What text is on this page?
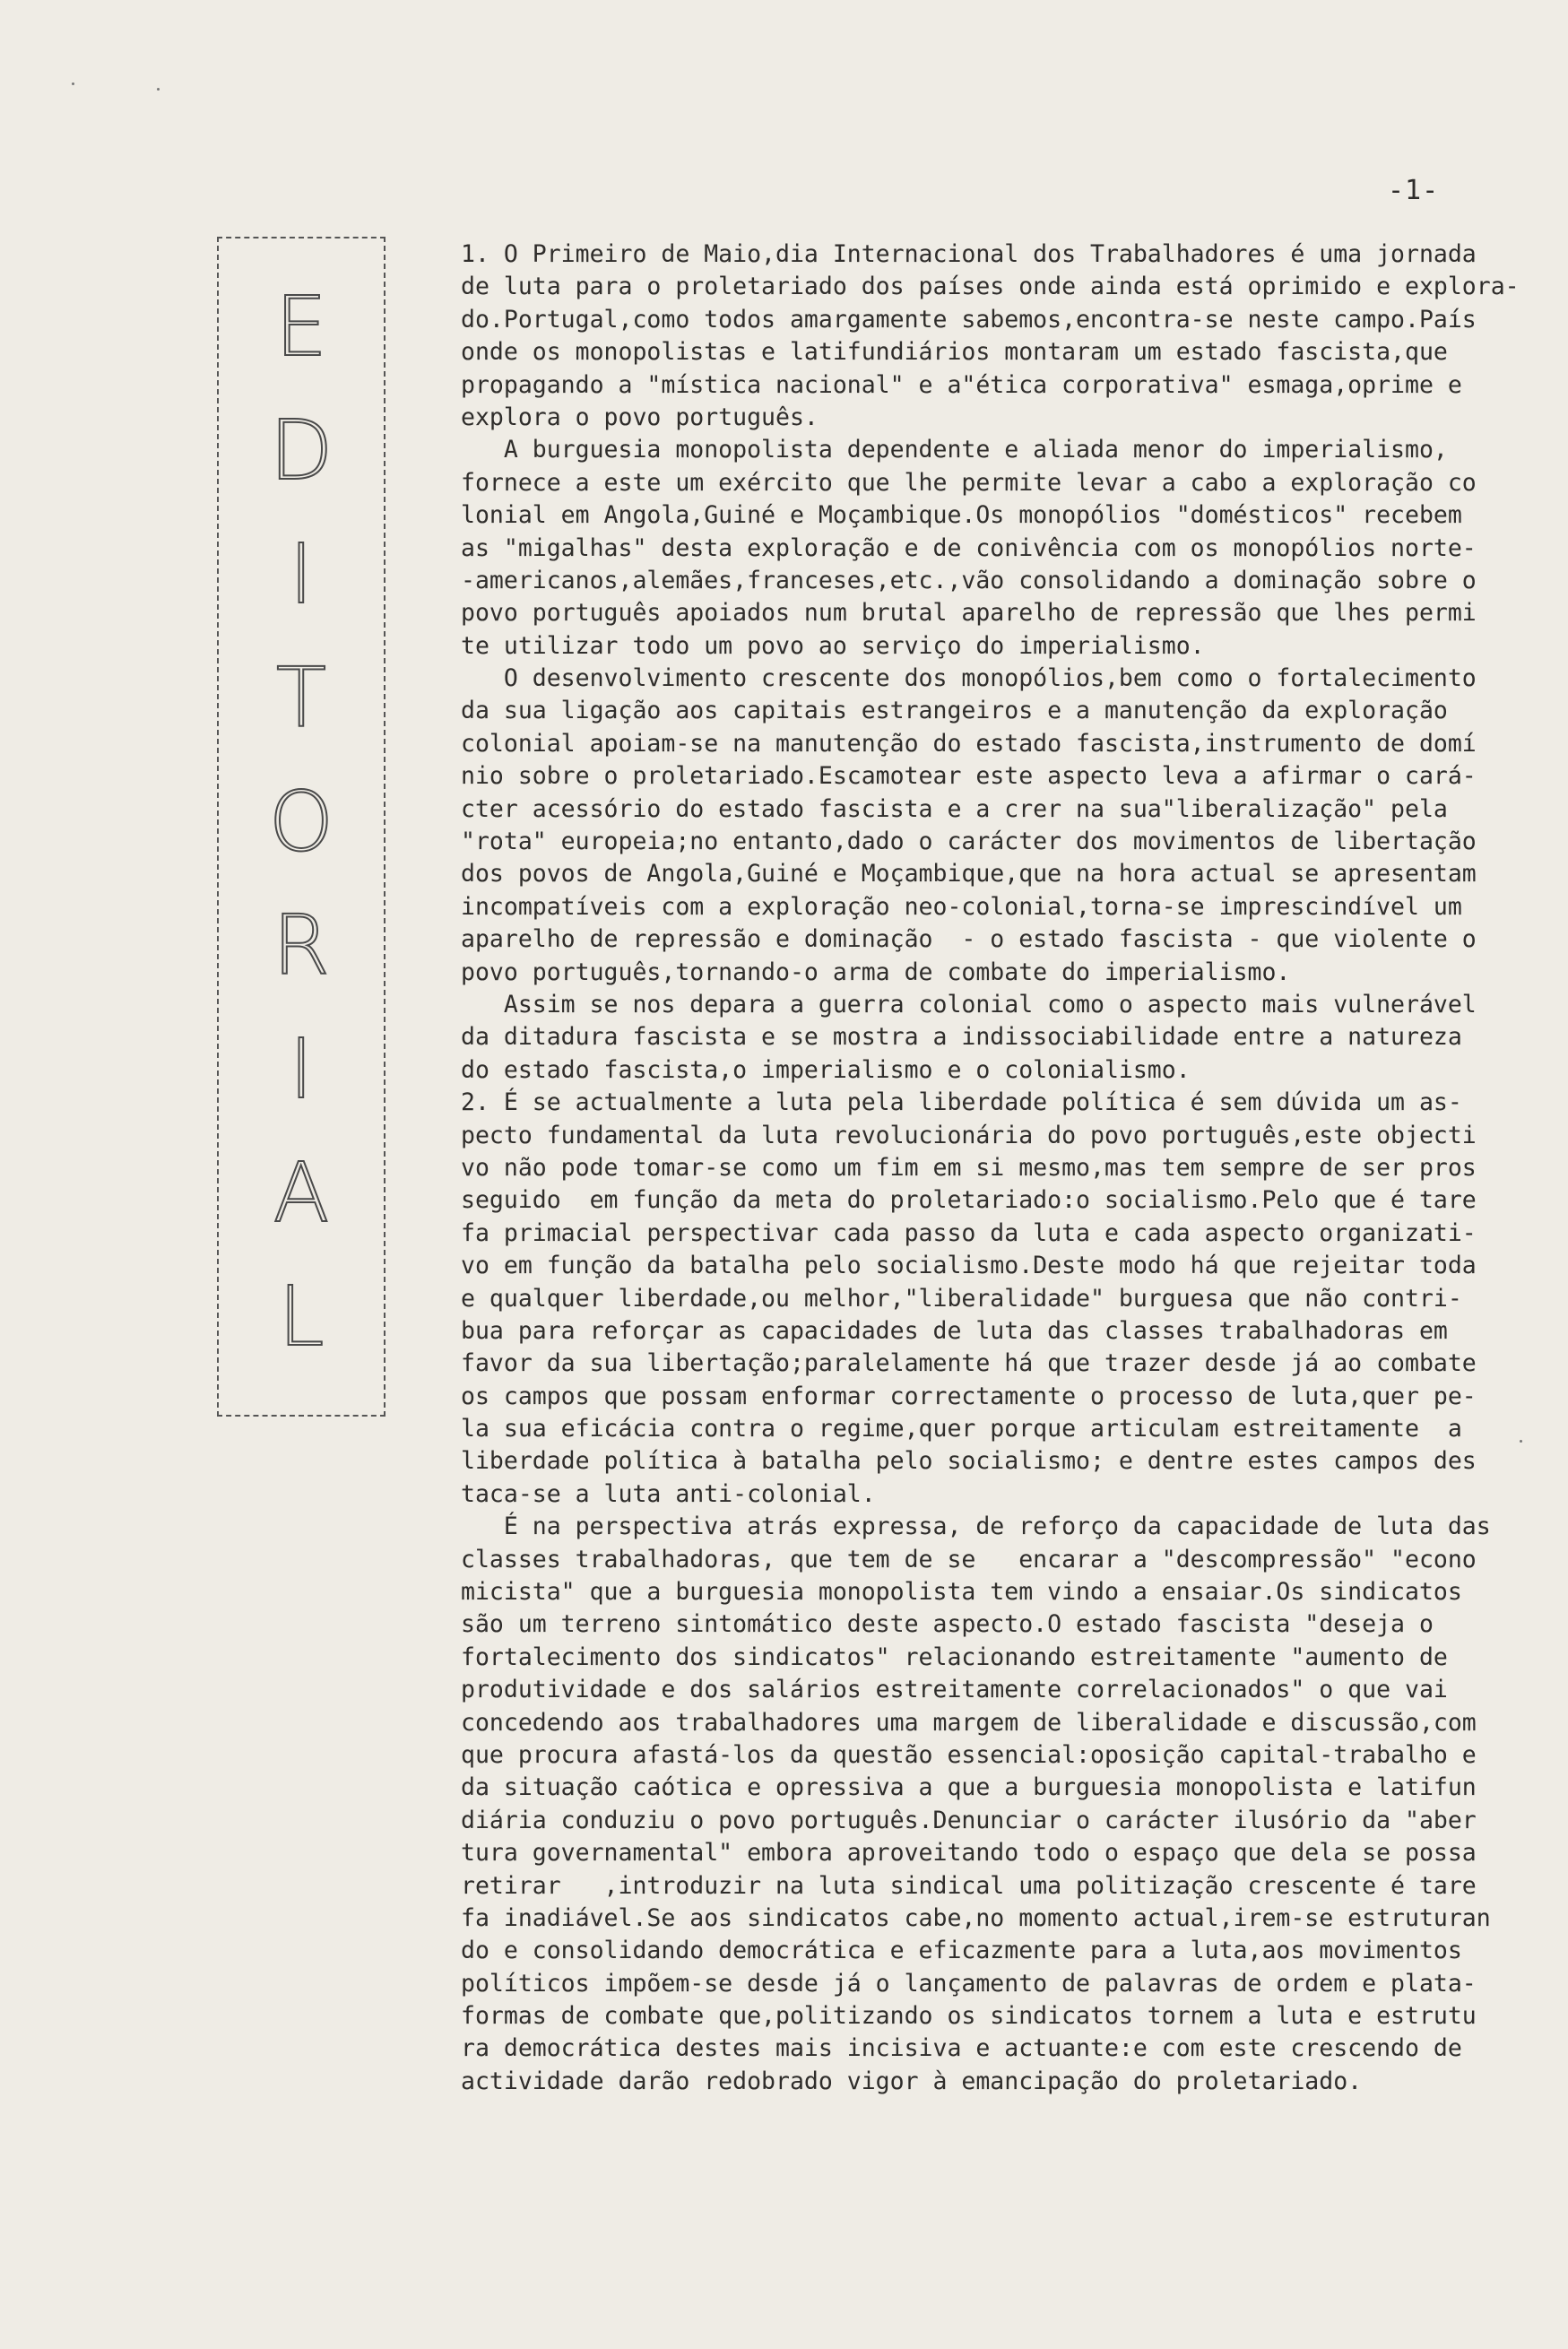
-1-
E
D
I
T
O
R
I
A
L
1. O Primeiro de Maio,dia Internacional dos Trabalhadores é uma jornada
de luta para o proletariado dos países onde ainda está oprimido e explora-
do.Portugal,como todos amargamente sabemos,encontra-se neste campo.País
onde os monopolistas e latifundiários montaram um estado fascista,que
propagando a "mística nacional" e a"ética corporativa" esmaga,oprime e
explora o povo português.
A burguesia monopolista dependente e aliada menor do imperialismo,
fornece a este um exército que lhe permite levar a cabo a exploração co
lonial em Angola,Guiné e Moçambique.Os monopólios "domésticos" recebem
as "migalhas" desta exploração e de conivência com os monopólios norte-
-americanos,alemães,franceses,etc.,vão consolidando a dominação sobre o
povo português apoiados num brutal aparelho de repressão que lhes permi
te utilizar todo um povo ao serviço do imperialismo.
O desenvolvimento crescente dos monopólios,bem como o fortalecimento
da sua ligação aos capitais estrangeiros e a manutenção da exploração
colonial apoiam-se na manutenção do estado fascista,instrumento de domí
nio sobre o proletariado.Escamotear este aspecto leva a afirmar o cará-
cter acessório do estado fascista e a crer na sua"liberalização" pela
"rota" europeia;no entanto,dado o carácter dos movimentos de libertação
dos povos de Angola,Guiné e Moçambique,que na hora actual se apresentam
incompatíveis com a exploração neo-colonial,torna-se imprescindível um
aparelho de repressão e dominação  - o estado fascista - que violente o
povo português,tornando-o arma de combate do imperialismo.
Assim se nos depara a guerra colonial como o aspecto mais vulnerável
da ditadura fascista e se mostra a indissociabilidade entre a natureza
do estado fascista,o imperialismo e o colonialismo.
2. É se actualmente a luta pela liberdade política é sem dúvida um as-
pecto fundamental da luta revolucionária do povo português,este objecti
vo não pode tomar-se como um fim em si mesmo,mas tem sempre de ser pros
seguido  em função da meta do proletariado:o socialismo.Pelo que é tare
fa primacial perspectivar cada passo da luta e cada aspecto organizati-
vo em função da batalha pelo socialismo.Deste modo há que rejeitar toda
e qualquer liberdade,ou melhor,"liberalidade" burguesa que não contri-
bua para reforçar as capacidades de luta das classes trabalhadoras em
favor da sua libertação;paralelamente há que trazer desde já ao combate
os campos que possam enformar correctamente o processo de luta,quer pe-
la sua eficácia contra o regime,quer porque articulam estreitamente  a
liberdade política à batalha pelo socialismo; e dentre estes campos des
taca-se a luta anti-colonial.
É na perspectiva atrás expressa, de reforço da capacidade de luta das
classes trabalhadoras, que tem de se   encarar a "descompressão" "econo
micista" que a burguesia monopolista tem vindo a ensaiar.Os sindicatos
são um terreno sintomático deste aspecto.O estado fascista "deseja o
fortalecimento dos sindicatos" relacionando estreitamente "aumento de
produtividade e dos salários estreitamente correlacionados" o que vai
concedendo aos trabalhadores uma margem de liberalidade e discussão,com
que procura afastá-los da questão essencial:oposição capital-trabalho e
da situação caótica e opressiva a que a burguesia monopolista e latifun
diária conduziu o povo português.Denunciar o carácter ilusório da "aber
tura governamental" embora aproveitando todo o espaço que dela se possa
retirar   ,introduzir na luta sindical uma politização crescente é tare
fa inadiável.Se aos sindicatos cabe,no momento actual,irem-se estruturan
do e consolidando democrática e eficazmente para a luta,aos movimentos
políticos impõem-se desde já o lançamento de palavras de ordem e plata-
formas de combate que,politizando os sindicatos tornem a luta e estrutu
ra democrática destes mais incisiva e actuante:e com este crescendo de
actividade darão redobrado vigor à emancipação do proletariado.
